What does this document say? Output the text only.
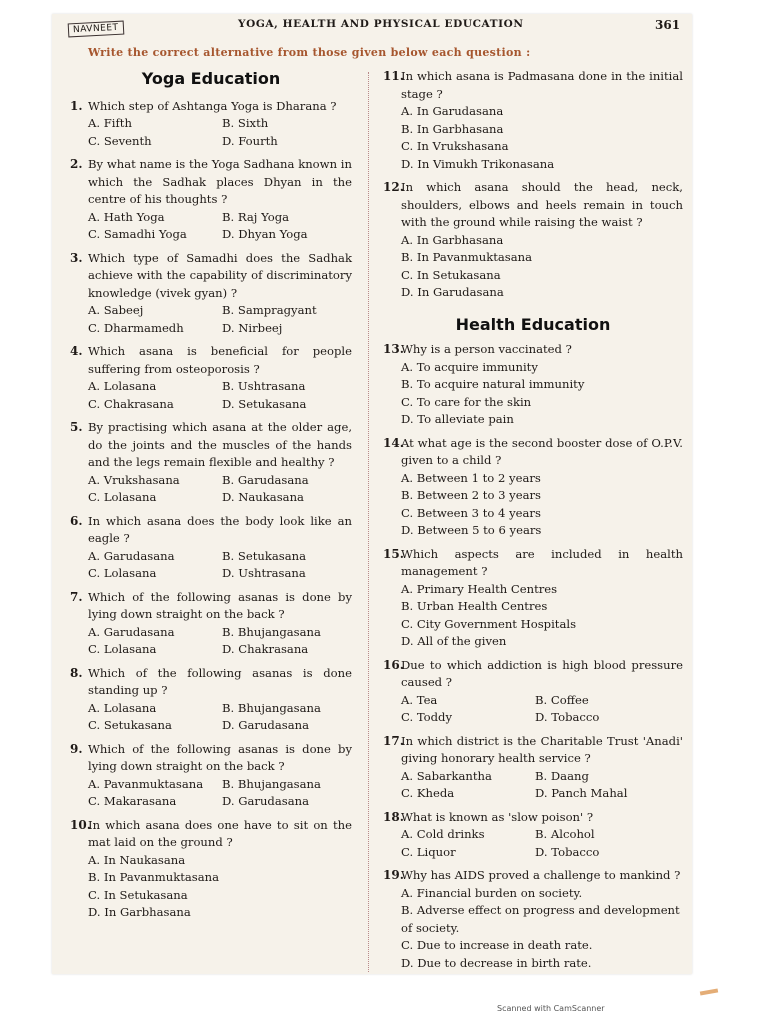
NAVNEET	YOGA, HEALTH AND PHYSICAL EDUCATION	361
Write the correct alternative from those given below each question :
Yoga Education
1. Which step of Ashtanga Yoga is Dharana ?
A. Fifth	B. Sixth
C. Seventh	D. Fourth
2. By what name is the Yoga Sadhana known in which the Sadhak places Dhyan in the centre of his thoughts ?
A. Hath Yoga	B. Raj Yoga
C. Samadhi Yoga	D. Dhyan Yoga
3. Which type of Samadhi does the Sadhak achieve with the capability of discriminatory knowledge (vivek gyan) ?
A. Sabeej	B. Sampragyant
C. Dharmamedh	D. Nirbeej
4. Which asana is beneficial for people suffering from osteoporosis ?
A. Lolasana	B. Ushtrasana
C. Chakrasana	D. Setukasana
5. By practising which asana at the older age, do the joints and the muscles of the hands and the legs remain flexible and healthy ?
A. Vrukshasana	B. Garudasana
C. Lolasana	D. Naukasana
6. In which asana does the body look like an eagle ?
A. Garudasana	B. Setukasana
C. Lolasana	D. Ushtrasana
7. Which of the following asanas is done by lying down straight on the back ?
A. Garudasana	B. Bhujangasana
C. Lolasana	D. Chakrasana
8. Which of the following asanas is done standing up ?
A. Lolasana	B. Bhujangasana
C. Setukasana	D. Garudasana
9. Which of the following asanas is done by lying down straight on the back ?
A. Pavanmuktasana	B. Bhujangasana
C. Makarasana	D. Garudasana
10.
In which asana does one have to sit on the mat laid on the ground ?
A. In Naukasana
B. In Pavanmuktasana
C. In Setukasana
D. In Garbhasana
11.
In which asana is Padmasana done in the initial stage ?
A. In Garudasana
B. In Garbhasana
C. In Vrukshasana
D. In Vimukh Trikonasana
12.
In which asana should the head, neck, shoulders, elbows and heels remain in touch with the ground while raising the waist ?
A. In Garbhasana
B. In Pavanmuktasana
C. In Setukasana
D. In Garudasana
Health Education
13.
Why is a person vaccinated ?
A. To acquire immunity
B. To acquire natural immunity
C. To care for the skin
D. To alleviate pain
14.
At what age is the second booster dose of O.P.V. given to a child ?
A. Between 1 to 2 years
B. Between 2 to 3 years
C. Between 3 to 4 years
D. Between 5 to 6 years
15.
Which aspects are included in health management ?
A. Primary Health Centres
B. Urban Health Centres
C. City Government Hospitals
D. All of the given
16.
Due to which addiction is high blood pressure caused ?
A. Tea	B. Coffee
C. Toddy	D. Tobacco
17.
In which district is the Charitable Trust 'Anadi' giving honorary health service ?
A. Sabarkantha	B. Daang
C. Kheda	D. Panch Mahal
18.
What is known as 'slow poison' ?
A. Cold drinks	B. Alcohol
C. Liquor	D. Tobacco
19.
Why has AIDS proved a challenge to mankind ?
A. Financial burden on society.
B. Adverse effect on progress and development of society.
C. Due to increase in death rate.
D. Due to decrease in birth rate.
Scanned with CamScanner
